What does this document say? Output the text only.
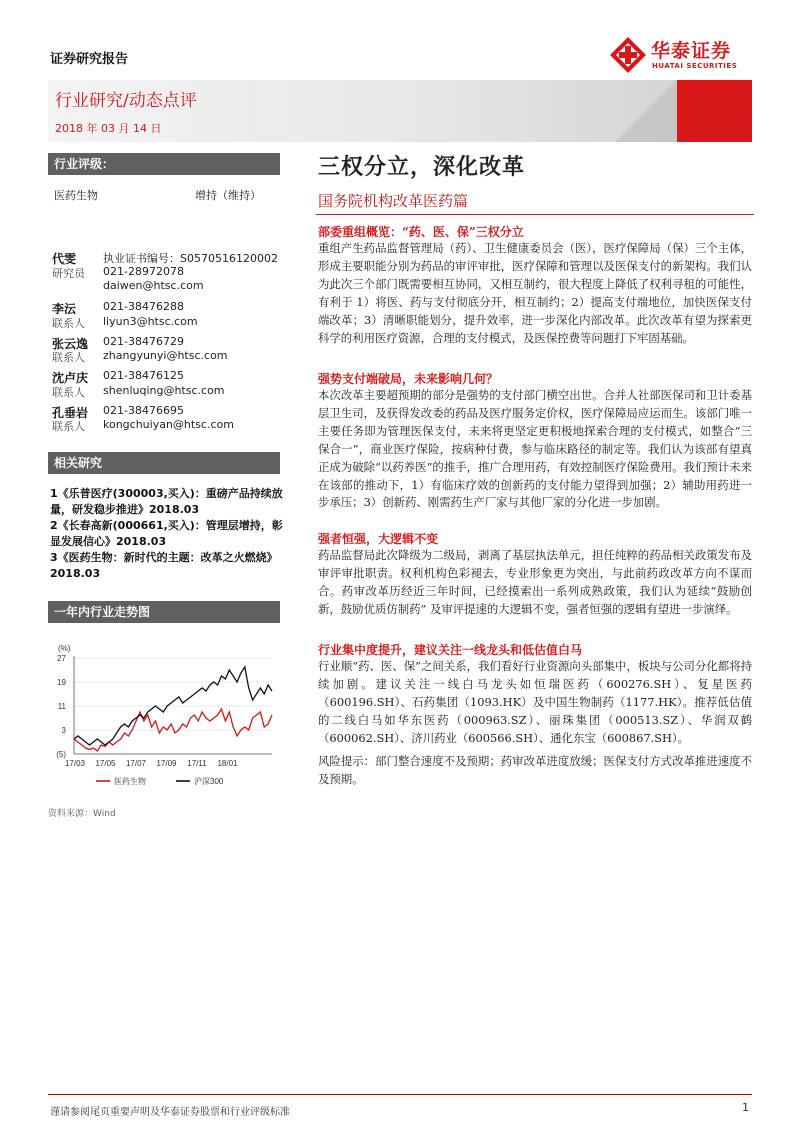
证券研究报告	华泰证券
HUATAI SECURITIES
行业研究/动态点评
2018 年 03 月 14 日
行业评级：
医药生物	增持（维持）
代雯
研究员
执业证书编号：S0570516120002
021-28972078
daiwen@htsc.com
李沄
联系人
021-38476288
liyun3@htsc.com
张云逸
联系人
021-38476729
zhangyunyi@htsc.com
沈卢庆
联系人
021-38476125
shenluqing@htsc.com
孔垂岩
联系人
021-38476695
kongchuiyan@htsc.com
相关研究
1《乐普医疗(300003,买入)：重磅产品持续放量，研发稳步推进》2018.03
2《长春高新(000661,买入)：管理层增持，彰显发展信心》2018.03
3《医药生物：新时代的主题：改革之火燃烧》2018.03
一年内行业走势图
(%)
27
19
11
3
(5)
17/03 17/05 17/07 17/09 17/11 18/01
医药生物	沪深300
资料来源：Wind
三权分立，深化改革
国务院机构改革医药篇
部委重组概览：“药、医、保”三权分立
重组产生药品监督管理局（药）、卫生健康委员会（医），医疗保障局（保）三个主体，形成主要职能分别为药品的审评审批，医疗保障和管理以及医保支付的新架构。我们认为此次三个部门既需要相互协同，又相互制约，很大程度上降低了权利寻租的可能性，有利于 1）将医、药与支付彻底分开，相互制约；2）提高支付端地位，加快医保支付端改革；3）清晰职能划分，提升效率，进一步深化内部改革。此次改革有望为探索更科学的利用医疗资源，合理的支付模式，及医保控费等问题打下牢固基础。
强势支付端破局，未来影响几何？
本次改革主要超预期的部分是强势的支付部门横空出世。合并人社部医保司和卫计委基层卫生司，及获得发改委的药品及医疗服务定价权，医疗保障局应运而生。该部门唯一主要任务即为管理医保支付，未来将更坚定更积极地探索合理的支付模式，如整合“三保合一”，商业医疗保险，按病种付费，参与临床路径的制定等。我们认为该部有望真正成为破除“以药养医”的推手，推广合理用药，有效控制医疗保险费用。我们预计未来在该部的推动下，1）有临床疗效的创新药的支付能力望得到加强；2）辅助用药进一步承压；3）创新药、刚需药生产厂家与其他厂家的分化进一步加剧。
强者恒强，大逻辑不变
药品监督局此次降级为二级局，剥离了基层执法单元，担任纯粹的药品相关政策发布及审评审批职责。权利机构色彩褪去，专业形象更为突出，与此前药政改革方向不谋而合。药审改革历经近三年时间，已经摸索出一系列成熟政策，我们认为延续“鼓励创新，鼓励优质仿制药” 及审评提速的大逻辑不变，强者恒强的逻辑有望进一步演绎。
行业集中度提升，建议关注一线龙头和低估值白马
行业顺“药、医、保”之间关系，我们看好行业资源向头部集中，板块与公司分化都将持续加剧。建议关注一线白马龙头如恒瑞医药（600276.SH）、复星医药（600196.SH）、石药集团（1093.HK）及中国生物制药（1177.HK）。推荐低估值的二线白马如华东医药（000963.SZ）、丽珠集团（000513.SZ）、华润双鹤（600062.SH）、济川药业（600566.SH）、通化东宝（600867.SH）。
风险提示：部门整合速度不及预期；药审改革进度放缓；医保支付方式改革推进速度不及预期。
谨请参阅尾页重要声明及华泰证券股票和行业评级标准	1
